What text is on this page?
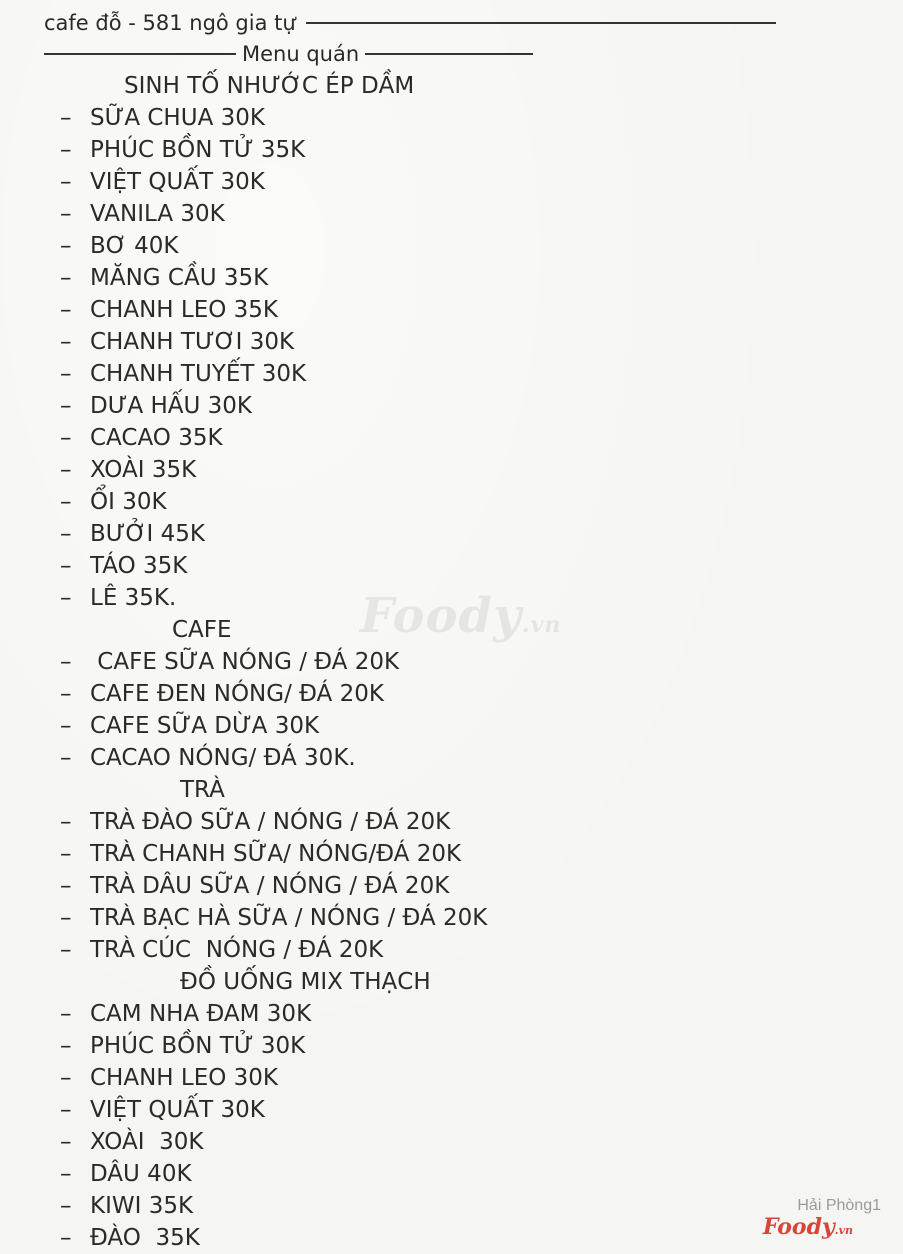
cafe đỗ - 581 ngô gia tự
Menu quán
SINH TỐ NHƯỚC ÉP DẦM
– SỮA CHUA 30K
– PHÚC BỒN TỬ 35K
– VIỆT QUẤT 30K
– VANILA 30K
– BƠ 40K
– MĂNG CẦU 35K
– CHANH LEO 35K
– CHANH TƯƠI 30K
– CHANH TUYẾT 30K
– DƯA HẤU 30K
– CACAO 35K
– XOÀI 35K
– ỔI 30K
– BƯỞI 45K
– TÁO 35K
– LÊ 35K.
CAFE
– CAFE SỮA NÓNG / ĐÁ 20K
– CAFE ĐEN NÓNG/ ĐÁ 20K
– CAFE SỮA DỪA 30K
– CACAO NÓNG/ ĐÁ 30K.
TRÀ
– TRÀ ĐÀO SỮA / NÓNG / ĐÁ 20K
– TRÀ CHANH SỮA/ NÓNG/ĐÁ 20K
– TRÀ DÂU SỮA / NÓNG / ĐÁ 20K
– TRÀ BẠC HÀ SỮA / NÓNG / ĐÁ 20K
– TRÀ CÚC  NÓNG / ĐÁ 20K
ĐỒ UỐNG MIX THẠCH
– CAM NHA ĐAM 30K
– PHÚC BỒN TỬ 30K
– CHANH LEO 30K
– VIỆT QUẤT 30K
– XOÀI  30K
– DÂU 40K
– KIWI 35K
– ĐÀO  35K
Foody.vn
Hải Phòng1
Foody.vn
